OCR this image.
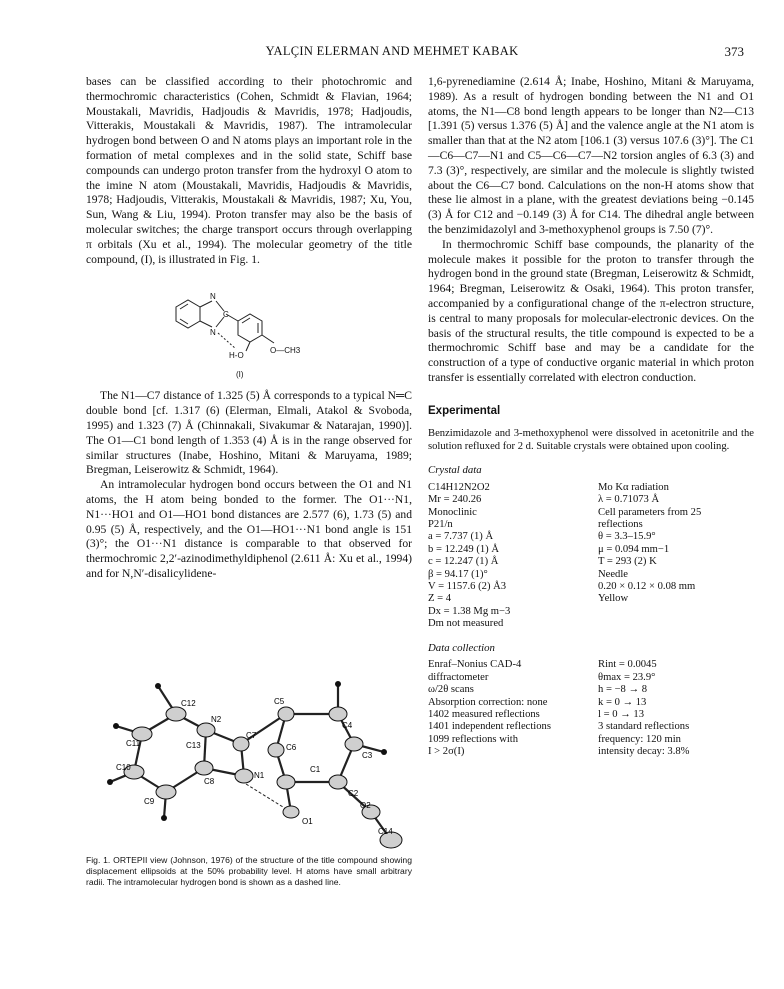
YALÇIN ELERMAN AND MEHMET KABAK	373

bases can be classified according to their photochromic and thermochromic characteristics (Cohen, Schmidt & Flavian, 1964; Moustakali, Mavridis, Hadjoudis & Mavridis, 1978; Hadjoudis, Vitterakis, Moustakali & Mavridis, 1987). The intramolecular hydrogen bond between O and N atoms plays an important role in the formation of metal complexes and in the solid state, Schiff base compounds can undergo proton transfer from the hydroxyl O atom to the imine N atom (Moustakali, Mavridis, Hadjoudis & Mavridis, 1978; Hadjoudis, Vitterakis, Moustakali & Mavridis, 1987; Xu, You, Sun, Wang & Liu, 1994). Proton transfer may also be the basis of molecular switches; the charge transport occurs through overlapping π orbitals (Xu et al., 1994). The molecular geometry of the title compound, (I), is illustrated in Fig. 1.

N
C
N
H-O
O—CH3
(I)

The N1—C7 distance of 1.325 (5) Å corresponds to a typical N═C double bond [cf. 1.317 (6) (Elerman, Elmali, Atakol & Svoboda, 1995) and 1.323 (7) Å (Chinnakali, Sivakumar & Natarajan, 1990)]. The O1—C1 bond length of 1.353 (4) Å is in the range observed for similar structures (Inabe, Hoshino, Mitani & Maruyama, 1989; Bregman, Leiserowitz & Schmidt, 1964).

An intramolecular hydrogen bond occurs between the O1 and N1 atoms, the H atom being bonded to the former. The O1···N1, N1···HO1 and O1—HO1 bond distances are 2.577 (6), 1.73 (5) and 0.95 (5) Å, respectively, and the O1—HO1···N1 bond angle is 151 (3)°; the O1···N1 distance is comparable to that observed for thermochromic 2,2′-azinodimethyldiphenol (2.611 Å: Xu et al., 1994) and for N,N′-disalicylidene-

C12
N2
C5
C4
C11	C13
C7
C6
C3
C10
C8
N1
C1
C2
C9
O1
O2
C14
Fig. 1. ORTEPII view (Johnson, 1976) of the structure of the title compound showing displacement ellipsoids at the 50% probability level. H atoms have small arbitrary radii. The intramolecular hydrogen bond is shown as a dashed line.

1,6-pyrenediamine (2.614 Å; Inabe, Hoshino, Mitani & Maruyama, 1989). As a result of hydrogen bonding between the N1 and O1 atoms, the N1—C8 bond length appears to be longer than N2—C13 [1.391 (5) versus 1.376 (5) Å] and the valence angle at the N1 atom is smaller than that at the N2 atom [106.1 (3) versus 107.6 (3)°]. The C1—C6—C7—N1 and C5—C6—C7—N2 torsion angles of 6.3 (3) and 7.3 (3)°, respectively, are similar and the molecule is slightly twisted about the C6—C7 bond. Calculations on the non-H atoms show that these lie almost in a plane, with the greatest deviations being −0.145 (3) Å for C12 and −0.149 (3) Å for C14. The dihedral angle between the benzimidazolyl and 3-methoxyphenol groups is 7.50 (7)°.

In thermochromic Schiff base compounds, the planarity of the molecule makes it possible for the proton to transfer through the hydrogen bond in the ground state (Bregman, Leiserowitz & Schmidt, 1964; Bregman, Leiserowitz & Osaki, 1964). This proton transfer, accompanied by a configurational change of the π-electron structure, is central to many proposals for molecular-electronic devices. On the basis of the structural results, the title compound is expected to be a thermochromic Schiff base and may be a candidate for the construction of a type of conductive organic material in which proton transfer is essentially correlated with electron conduction.

Experimental

Benzimidazole and 3-methoxyphenol were dissolved in acetonitrile and the solution refluxed for 2 d. Suitable crystals were obtained upon cooling.

Crystal data
C14H12N2O2
Mr = 240.26
Monoclinic
P21/n
a = 7.737 (1) Å
b = 12.249 (1) Å
c = 12.247 (1) Å
β = 94.17 (1)°
V = 1157.6 (2) Å3
Z = 4
Dx = 1.38 Mg m−3
Dm not measured
Mo Kα radiation
λ = 0.71073 Å
Cell parameters from 25
reflections
θ = 3.3–15.9°
μ = 0.094 mm−1
T = 293 (2) K
Needle
0.20 × 0.12 × 0.08 mm
Yellow
Data collection
Enraf–Nonius CAD-4
diffractometer
ω/2θ scans
Absorption correction: none
1402 measured reflections
1401 independent reflections
1099 reflections with
I > 2σ(I)
Rint = 0.0045
θmax = 23.9°
h = −8 → 8
k = 0 → 13
l = 0 → 13
3 standard reflections
frequency: 120 min
intensity decay: 3.8%
